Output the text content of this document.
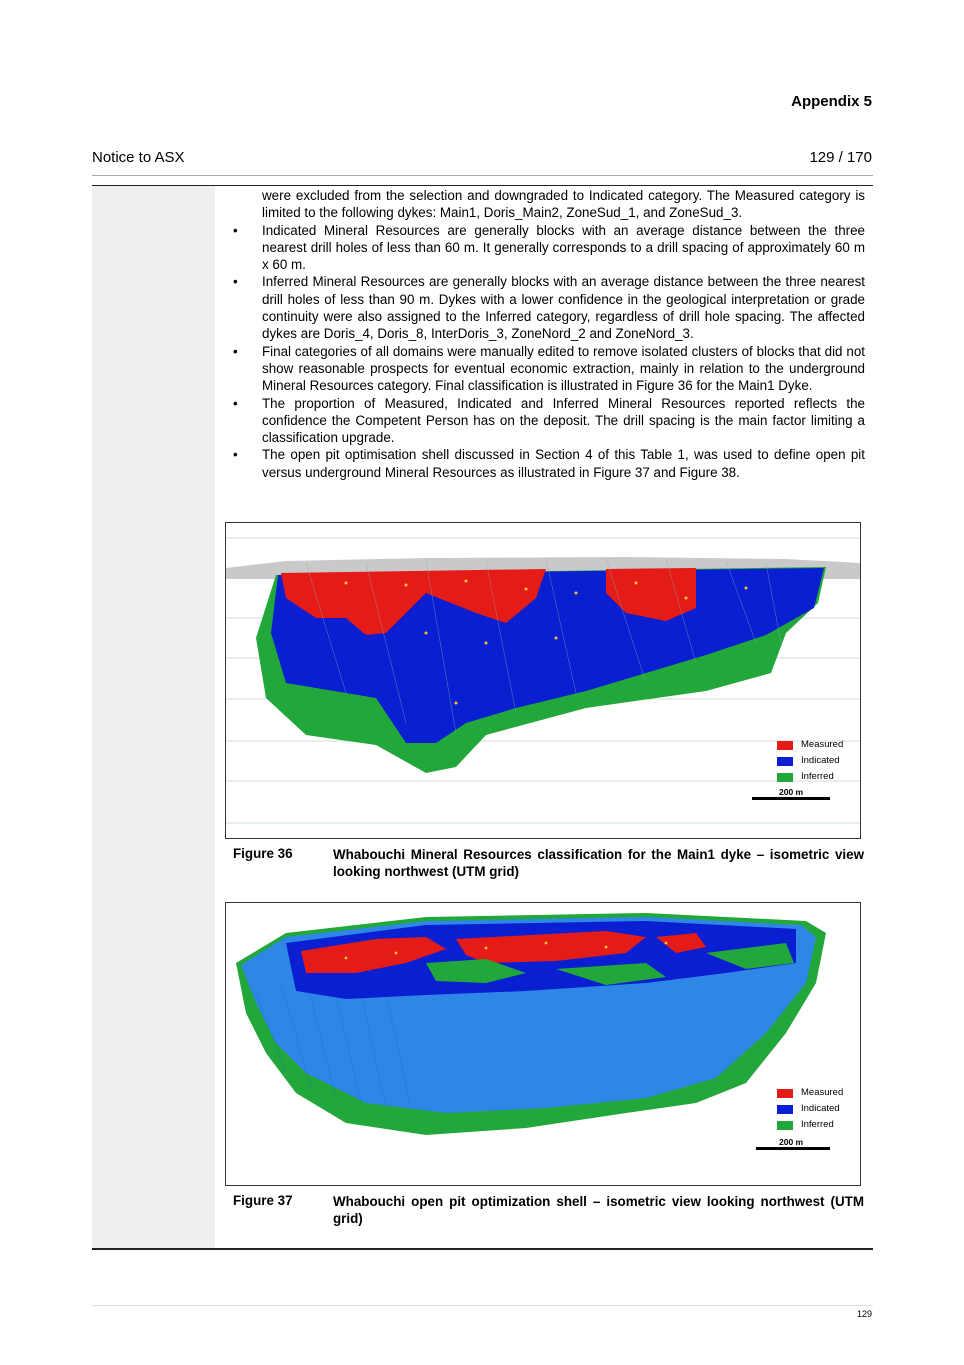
Appendix 5
Notice to ASX	129 / 170

were excluded from the selection and downgraded to Indicated category. The Measured category is limited to the following dykes: Main1, Doris_Main2, ZoneSud_1, and ZoneSud_3.

• Indicated Mineral Resources are generally blocks with an average distance between the three nearest drill holes of less than 60 m. It generally corresponds to a drill spacing of approximately 60 m x 60 m.
• Inferred Mineral Resources are generally blocks with an average distance between the three nearest drill holes of less than 90 m. Dykes with a lower confidence in the geological interpretation or grade continuity were also assigned to the Inferred category, regardless of drill hole spacing. The affected dykes are Doris_4, Doris_8, InterDoris_3, ZoneNord_2 and ZoneNord_3.
• Final categories of all domains were manually edited to remove isolated clusters of blocks that did not show reasonable prospects for eventual economic extraction, mainly in relation to the underground Mineral Resources category. Final classification is illustrated in Figure 36 for the Main1 Dyke.
• The proportion of Measured, Indicated and Inferred Mineral Resources reported reflects the confidence the Competent Person has on the deposit. The drill spacing is the main factor limiting a classification upgrade.
• The open pit optimisation shell discussed in Section 4 of this Table 1, was used to define open pit versus underground Mineral Resources as illustrated in Figure 37 and Figure 38.
Measured
Indicated
Inferred
200 m
Figure 36	Whabouchi Mineral Resources classification for the Main1 dyke – isometric view looking northwest (UTM grid)
Measured
Indicated
Inferred
200 m
Figure 37	Whabouchi open pit optimization shell – isometric view looking northwest (UTM grid)
129
